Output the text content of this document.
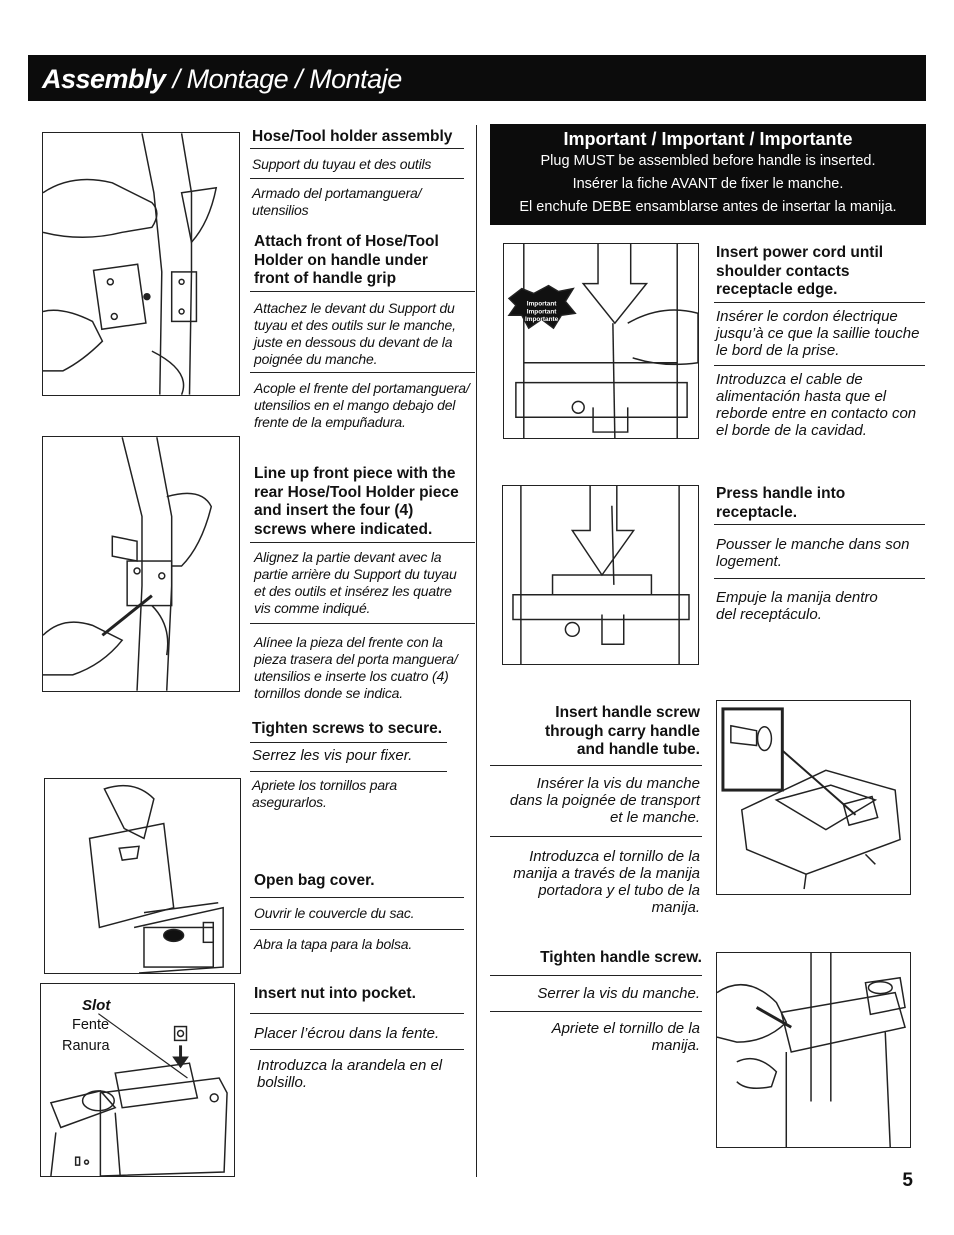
Assembly / Montage / Montaje
Slot
Fente
Ranura
Hose/Tool holder assembly
Support du tuyau et des outils
Armado del portamanguera/ utensilios
Attach front of Hose/Tool Holder on handle under front of handle grip
Attachez le devant du Support du tuyau et des outils sur le manche, juste en dessous du devant de la poignée du manche.
Acople el frente del portamanguera/ utensilios en el mango debajo del frente de la empuñadura.
Line up front piece with the rear Hose/Tool Holder piece and insert the four (4) screws where indicated.
Alignez la partie devant avec la partie arrière du Support du tuyau et des outils et insérez les quatre vis comme indiqué.
Alínee la pieza del frente con la pieza trasera del porta manguera/ utensilios e inserte los cuatro (4) tornillos donde se indica.
Tighten screws to secure.
Serrez les vis pour fixer.
Apriete los tornillos para asegurarlos.
Open bag cover.
Ouvrir le couvercle du sac.
Abra la tapa para la bolsa.
Insert nut into pocket.
Placer l’écrou dans la fente.
Introduzca la arandela en el bolsillo.
Important / Important / Importante
Plug MUST be assembled before handle is inserted.
Insérer la fiche AVANT de fixer le manche.
El enchufe DEBE ensamblarse antes de insertar la manija.
Important
Important
Importante
Insert power cord until shoulder contacts receptacle edge.
Insérer le cordon électrique jusqu’à ce que la saillie touche le bord de la prise.
Introduzca el cable de alimentación hasta que el reborde entre en contacto con el borde de la cavidad.
Press handle into receptacle.
Pousser le manche dans son logement.
Empuje la manija dentro del receptáculo.
Insert handle screw through carry handle and handle tube.
Insérer la vis du manche dans la poignée de transport et le manche.
Introduzca el tornillo de la manija a través de la manija portadora y el tubo de la manija.
Tighten handle screw.
Serrer la vis du manche.
Apriete el tornillo de la manija.
5
